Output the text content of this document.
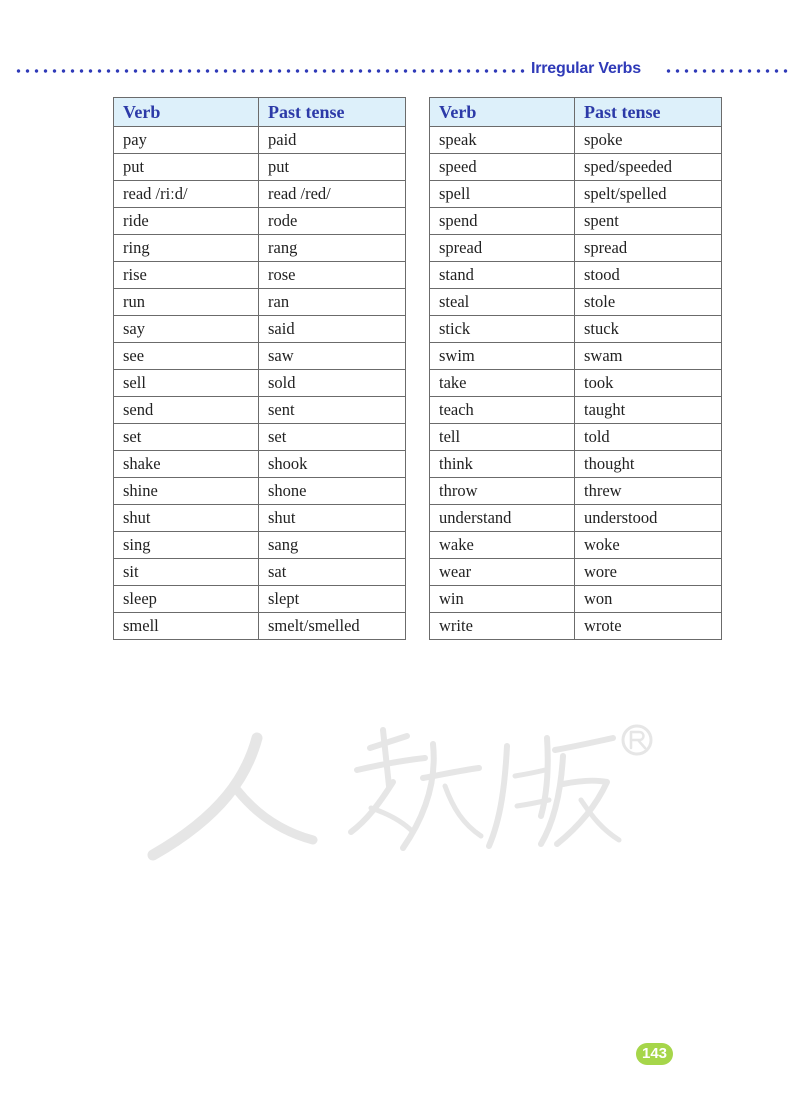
Irregular Verbs
Verb	Past tense
pay	paid
put	put
read /riːd/	read /red/
ride	rode
ring	rang
rise	rose
run	ran
say	said
see	saw
sell	sold
send	sent
set	set
shake	shook
shine	shone
shut	shut
sing	sang
sit	sat
sleep	slept
smell	smelt/smelled
Verb	Past tense
speak	spoke
speed	sped/speeded
spell	spelt/spelled
spend	spent
spread	spread
stand	stood
steal	stole
stick	stuck
swim	swam
take	took
teach	taught
tell	told
think	thought
throw	threw
understand	understood
wake	woke
wear	wore
win	won
write	wrote
143
